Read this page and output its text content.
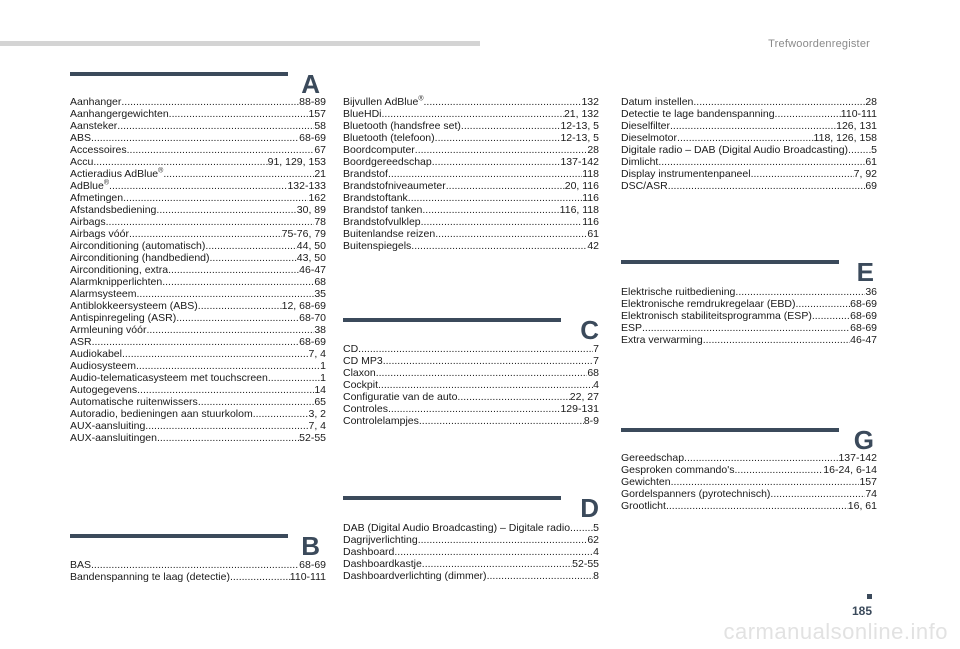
Trefwoordenregister
A
Aanhanger .....	88-89
Aanhangergewichten .....	157
Aansteker .....	58
ABS .....	68-69
Accessoires .....	67
Accu .....	91, 129, 153
Actieradius AdBlue® .....	21
AdBlue® .....	132-133
Afmetingen .....	162
Afstandsbediening .....	30, 89
Airbags .....	78
Airbags vóór .....	75-76, 79
Airconditioning (automatisch) .....	44, 50
Airconditioning (handbediend) .....	43, 50
Airconditioning, extra .....	46-47
Alarmknipperlichten .....	68
Alarmsysteem .....	35
Antiblokkeersysteem (ABS) .....	12, 68-69
Antispinregeling (ASR) .....	68-70
Armleuning vóór .....	38
ASR .....	68-69
Audiokabel .....	7, 4
Audiosysteem .....	1
Audio-telematicasysteem met touchscreen .....	1
Autogegevens .....	14
Automatische ruitenwissers .....	65
Autoradio, bedieningen aan stuurkolom .....	3, 2
AUX-aansluiting .....	7, 4
AUX-aansluitingen .....	52-55
B
BAS .....	68-69
Bandenspanning te laag (detectie) .....	110-111
Bijvullen AdBlue® .....	132
BlueHDi .....	21, 132
Bluetooth (handsfree set) .....	12-13, 5
Bluetooth (telefoon) .....	12-13, 5
Boordcomputer .....	28
Boordgereedschap .....	137-142
Brandstof .....	118
Brandstofniveaumeter .....	20, 116
Brandstoftank .....	116
Brandstof tanken .....	116, 118
Brandstofvulklep .....	116
Buitenlandse reizen .....	61
Buitenspiegels .....	42
C
CD .....	7
CD MP3 .....	7
Claxon .....	68
Cockpit .....	4
Configuratie van de auto .....	22, 27
Controles .....	129-131
Controlelampjes .....	8-9
D
DAB (Digital Audio Broadcasting) – Digitale radio ..... 5
Dagrijverlichting .....	62
Dashboard .....	4
Dashboardkastje .....	52-55
Dashboardverlichting (dimmer) .....	8
Datum instellen .....	28
Detectie te lage bandenspanning .....	110-111
Dieselfilter .....	126, 131
Dieselmotor .....	118, 126, 158
Digitale radio – DAB (Digital Audio Broadcasting) ..... 5
Dimlicht .....	61
Display instrumentenpaneel .....	7, 92
DSC/ASR .....	69
E
Elektrische ruitbediening .....	36
Elektronische remdrukregelaar (EBD) .....	68-69
Elektronisch stabiliteitsprogramma (ESP) .....	68-69
ESP .....	68-69
Extra verwarming .....	46-47
G
Gereedschap .....	137-142
Gesproken commando's .....	16-24, 6-14
Gewichten .....	157
Gordelspanners (pyrotechnisch) .....	74
Grootlicht .....	16, 61
185
carmanualsonline.info
